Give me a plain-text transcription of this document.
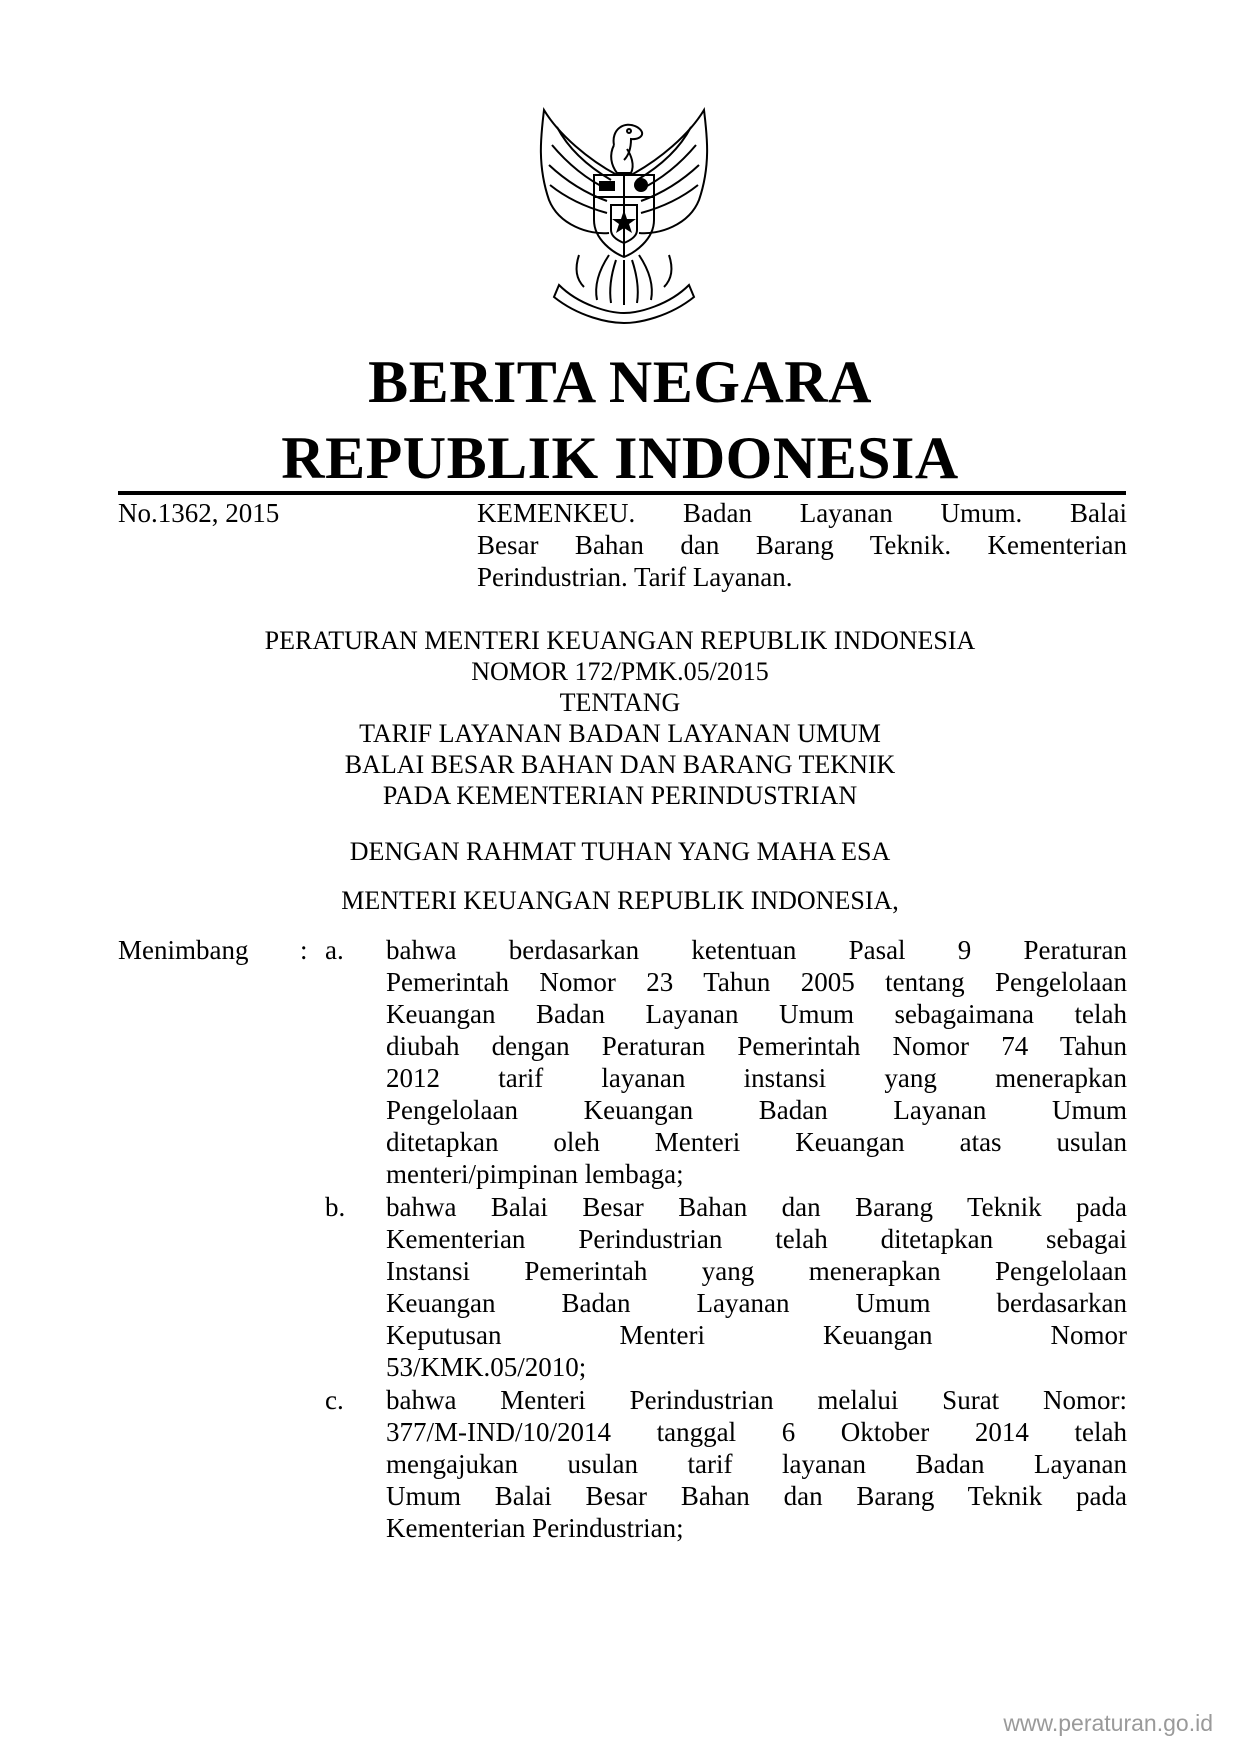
BERITA NEGARA
REPUBLIK INDONESIA
No.1362, 2015	KEMENKEU. Badan Layanan Umum. Balai
Besar Bahan dan Barang Teknik. Kementerian
Perindustrian. Tarif Layanan.
PERATURAN MENTERI KEUANGAN REPUBLIK INDONESIA
NOMOR 172/PMK.05/2015
TENTANG
TARIF LAYANAN BADAN LAYANAN UMUM
BALAI BESAR BAHAN DAN BARANG TEKNIK
PADA KEMENTERIAN PERINDUSTRIAN
DENGAN RAHMAT TUHAN YANG MAHA ESA
MENTERI KEUANGAN REPUBLIK INDONESIA,
Menimbang : a. bahwa berdasarkan ketentuan Pasal 9 Peraturan
Pemerintah Nomor 23 Tahun 2005 tentang Pengelolaan
Keuangan Badan Layanan Umum sebagaimana telah
diubah dengan Peraturan Pemerintah Nomor 74 Tahun
2012 tarif layanan instansi yang menerapkan
Pengelolaan Keuangan Badan Layanan Umum
ditetapkan oleh Menteri Keuangan atas usulan
menteri/pimpinan lembaga;
b. bahwa Balai Besar Bahan dan Barang Teknik pada
Kementerian Perindustrian telah ditetapkan sebagai
Instansi Pemerintah yang menerapkan Pengelolaan
Keuangan Badan Layanan Umum berdasarkan
Keputusan Menteri Keuangan Nomor
53/KMK.05/2010;
c. bahwa Menteri Perindustrian melalui Surat Nomor:
377/M-IND/10/2014 tanggal 6 Oktober 2014 telah
mengajukan usulan tarif layanan Badan Layanan
Umum Balai Besar Bahan dan Barang Teknik pada
Kementerian Perindustrian;
www.peraturan.go.id
